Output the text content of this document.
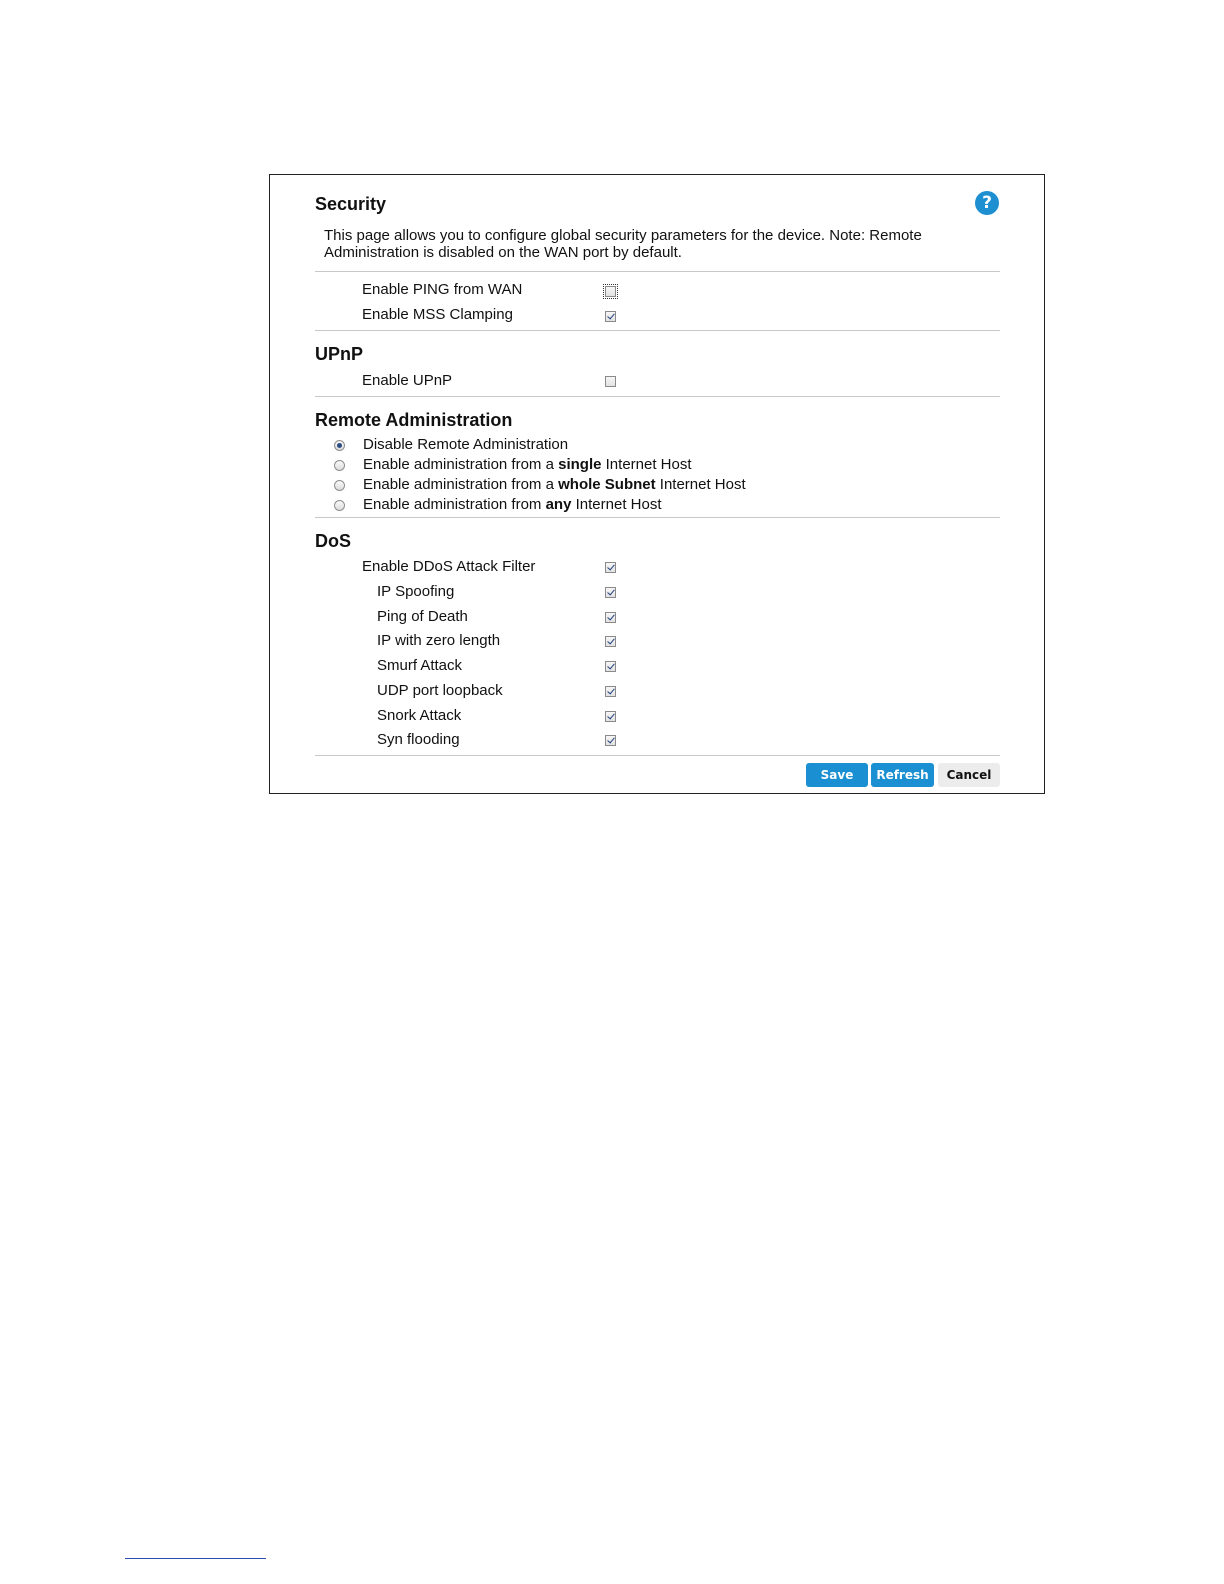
Security	?
This page allows you to configure global security parameters for the device. Note: Remote Administration is disabled on the WAN port by default.
Enable PING from WAN
Enable MSS Clamping
UPnP
Enable UPnP
Remote Administration
Disable Remote Administration
Enable administration from a single Internet Host
Enable administration from a whole Subnet Internet Host
Enable administration from any Internet Host
DoS
Enable DDoS Attack Filter
IP Spoofing
Ping of Death
IP with zero length
Smurf Attack
UDP port loopback
Snork Attack
Syn flooding
Save	Refresh	Cancel
